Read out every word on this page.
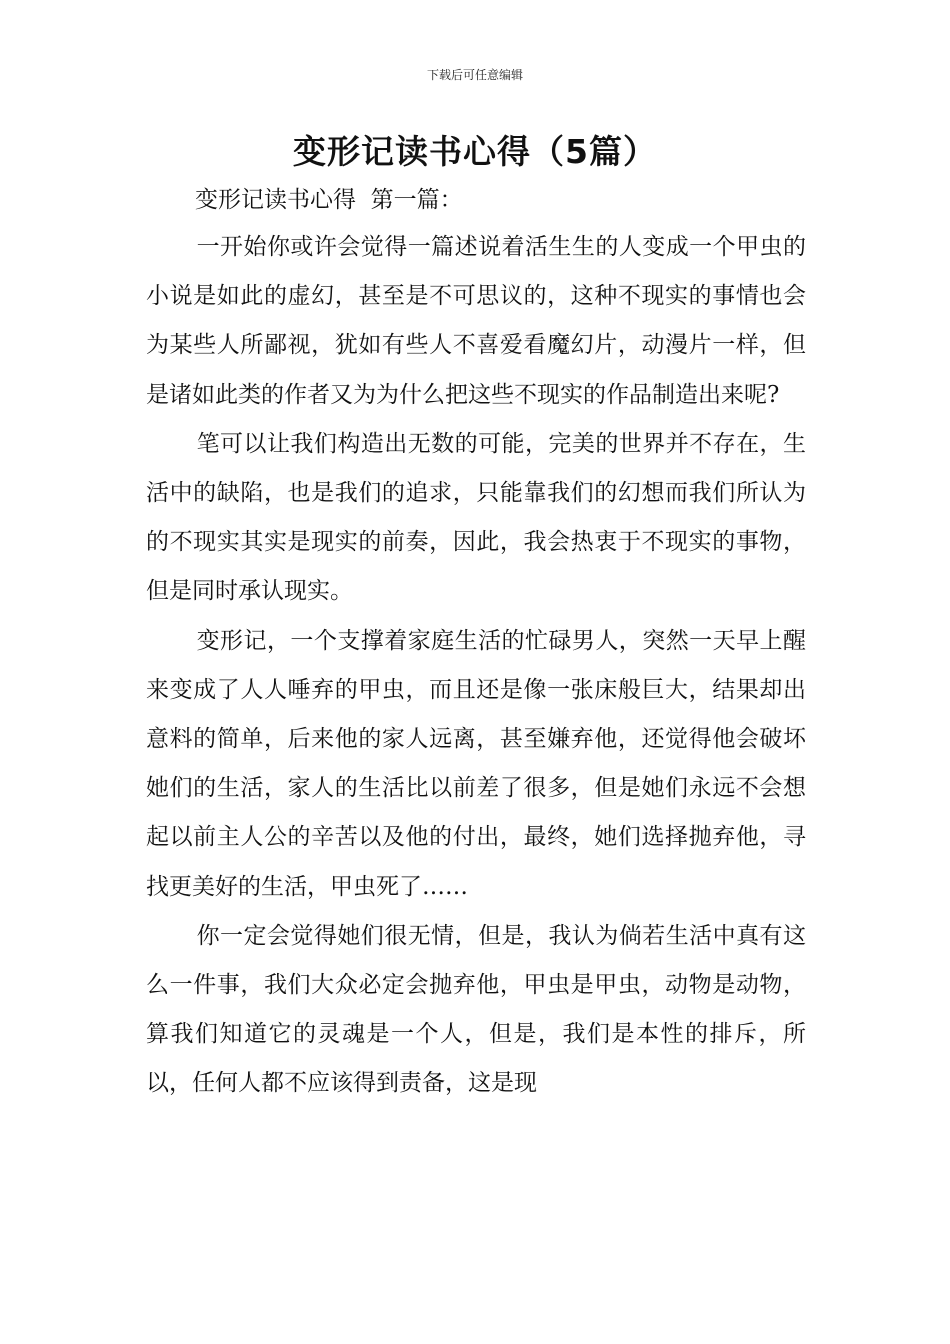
下载后可任意编辑
变形记读书心得（5篇）
变形记读书心得  第一篇：

一开始你或许会觉得一篇述说着活生生的人变成一个甲虫的小说是如此的虚幻，甚至是不可思议的，这种不现实的事情也会为某些人所鄙视，犹如有些人不喜爱看魔幻片，动漫片一样，但是诸如此类的作者又为为什么把这些不现实的作品制造出来呢?

笔可以让我们构造出无数的可能，完美的世界并不存在，生活中的缺陷，也是我们的追求，只能靠我们的幻想而我们所认为的不现实其实是现实的前奏，因此，我会热衷于不现实的事物，但是同时承认现实。

变形记，一个支撑着家庭生活的忙碌男人，突然一天早上醒来变成了人人唾弃的甲虫，而且还是像一张床般巨大，结果却出意料的简单，后来他的家人远离，甚至嫌弃他，还觉得他会破坏她们的生活，家人的生活比以前差了很多，但是她们永远不会想起以前主人公的辛苦以及他的付出，最终，她们选择抛弃他，寻找更美好的生活，甲虫死了……

你一定会觉得她们很无情，但是，我认为倘若生活中真有这么一件事，我们大众必定会抛弃他，甲虫是甲虫，动物是动物，算我们知道它的灵魂是一个人，但是，我们是本性的排斥，所以，任何人都不应该得到责备，这是现
